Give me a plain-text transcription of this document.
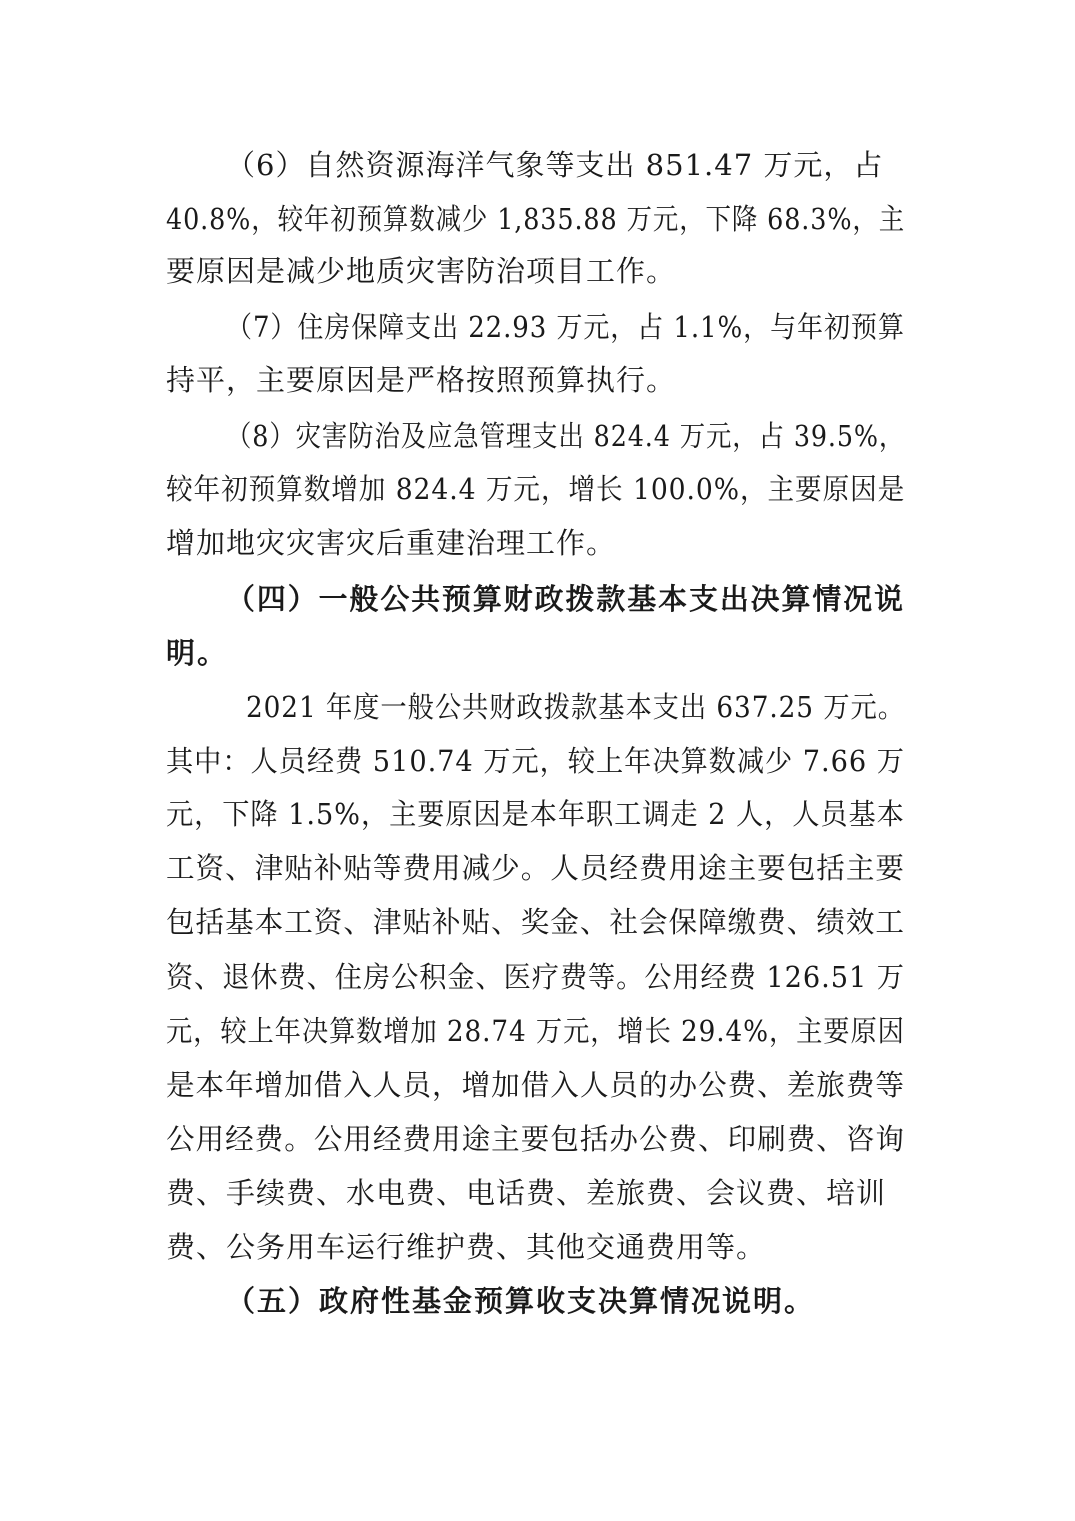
（6）自然资源海洋气象等支出 851.47 万元，占
40.8%，较年初预算数减少 1,835.88 万元，下降 68.3%，主
要原因是减少地质灾害防治项目工作。
（7）住房保障支出 22.93 万元，占 1.1%，与年初预算
持平，主要原因是严格按照预算执行。
（8）灾害防治及应急管理支出 824.4 万元，占 39.5%，
较年初预算数增加 824.4 万元，增长 100.0%，主要原因是
增加地灾灾害灾后重建治理工作。
（四）一般公共预算财政拨款基本支出决算情况说
明。
2021 年度一般公共财政拨款基本支出 637.25 万元。
其中：人员经费 510.74 万元，较上年决算数减少 7.66 万
元，下降 1.5%，主要原因是本年职工调走 2 人，人员基本
工资、津贴补贴等费用减少。人员经费用途主要包括主要
包括基本工资、津贴补贴、奖金、社会保障缴费、绩效工
资、退休费、住房公积金、医疗费等。公用经费 126.51 万
元，较上年决算数增加 28.74 万元，增长 29.4%，主要原因
是本年增加借入人员，增加借入人员的办公费、差旅费等
公用经费。公用经费用途主要包括办公费、印刷费、咨询
费、手续费、水电费、电话费、差旅费、会议费、培训
费、公务用车运行维护费、其他交通费用等。
（五）政府性基金预算收支决算情况说明。
